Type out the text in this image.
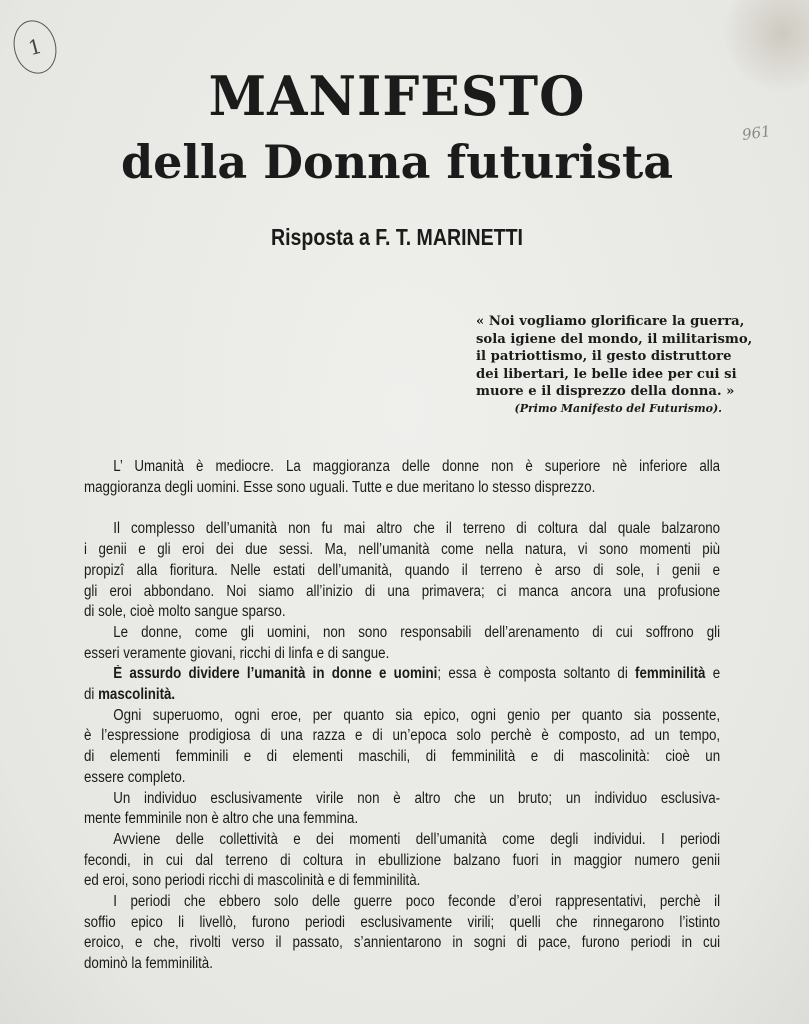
1
961
MANIFESTO
della Donna futurista
Risposta a F. T. MARINETTI
« Noi vogliamo glorificare la guerra,
sola igiene del mondo, il militarismo,
il patriottismo, il gesto distruttore
dei libertari, le belle idee per cui si
muore e il disprezzo della donna. »
(Primo Manifesto del Futurismo).
L’ Umanità è mediocre. La maggioranza delle donne non è superiore nè inferiore alla
maggioranza degli uomini. Esse sono uguali. Tutte e due meritano lo stesso disprezzo.
Il complesso dell’umanità non fu mai altro che il terreno di coltura dal quale balzarono
i genii e gli eroi dei due sessi. Ma, nell’umanità come nella natura, vi sono momenti più
propizî alla fioritura. Nelle estati dell’umanità, quando il terreno è arso di sole, i genii e
gli eroi abbondano. Noi siamo all’inizio di una primavera; ci manca ancora una profusione
di sole, cioè molto sangue sparso.
Le donne, come gli uomini, non sono responsabili dell’arenamento di cui soffrono gli
esseri veramente giovani, ricchi di linfa e di sangue.
È assurdo dividere l’umanità in donne e uomini; essa è composta soltanto di femminilità e
di mascolinità.
Ogni superuomo, ogni eroe, per quanto sia epico, ogni genio per quanto sia possente,
è l’espressione prodigiosa di una razza e di un’epoca solo perchè è composto, ad un tempo,
di elementi femminili e di elementi maschili, di femminilità e di mascolinità: cioè un
essere completo.
Un individuo esclusivamente virile non è altro che un bruto; un individuo esclusiva-
mente femminile non è altro che una femmina.
Avviene delle collettività e dei momenti dell’umanità come degli individui. I periodi
fecondi, in cui dal terreno di coltura in ebullizione balzano fuori in maggior numero genii
ed eroi, sono periodi ricchi di mascolinità e di femminilità.
I periodi che ebbero solo delle guerre poco feconde d’eroi rappresentativi, perchè il
soffio epico li livellò, furono periodi esclusivamente virili; quelli che rinnegarono l’istinto
eroico, e che, rivolti verso il passato, s’annientarono in sogni di pace, furono periodi in cui
dominò la femminilità.
